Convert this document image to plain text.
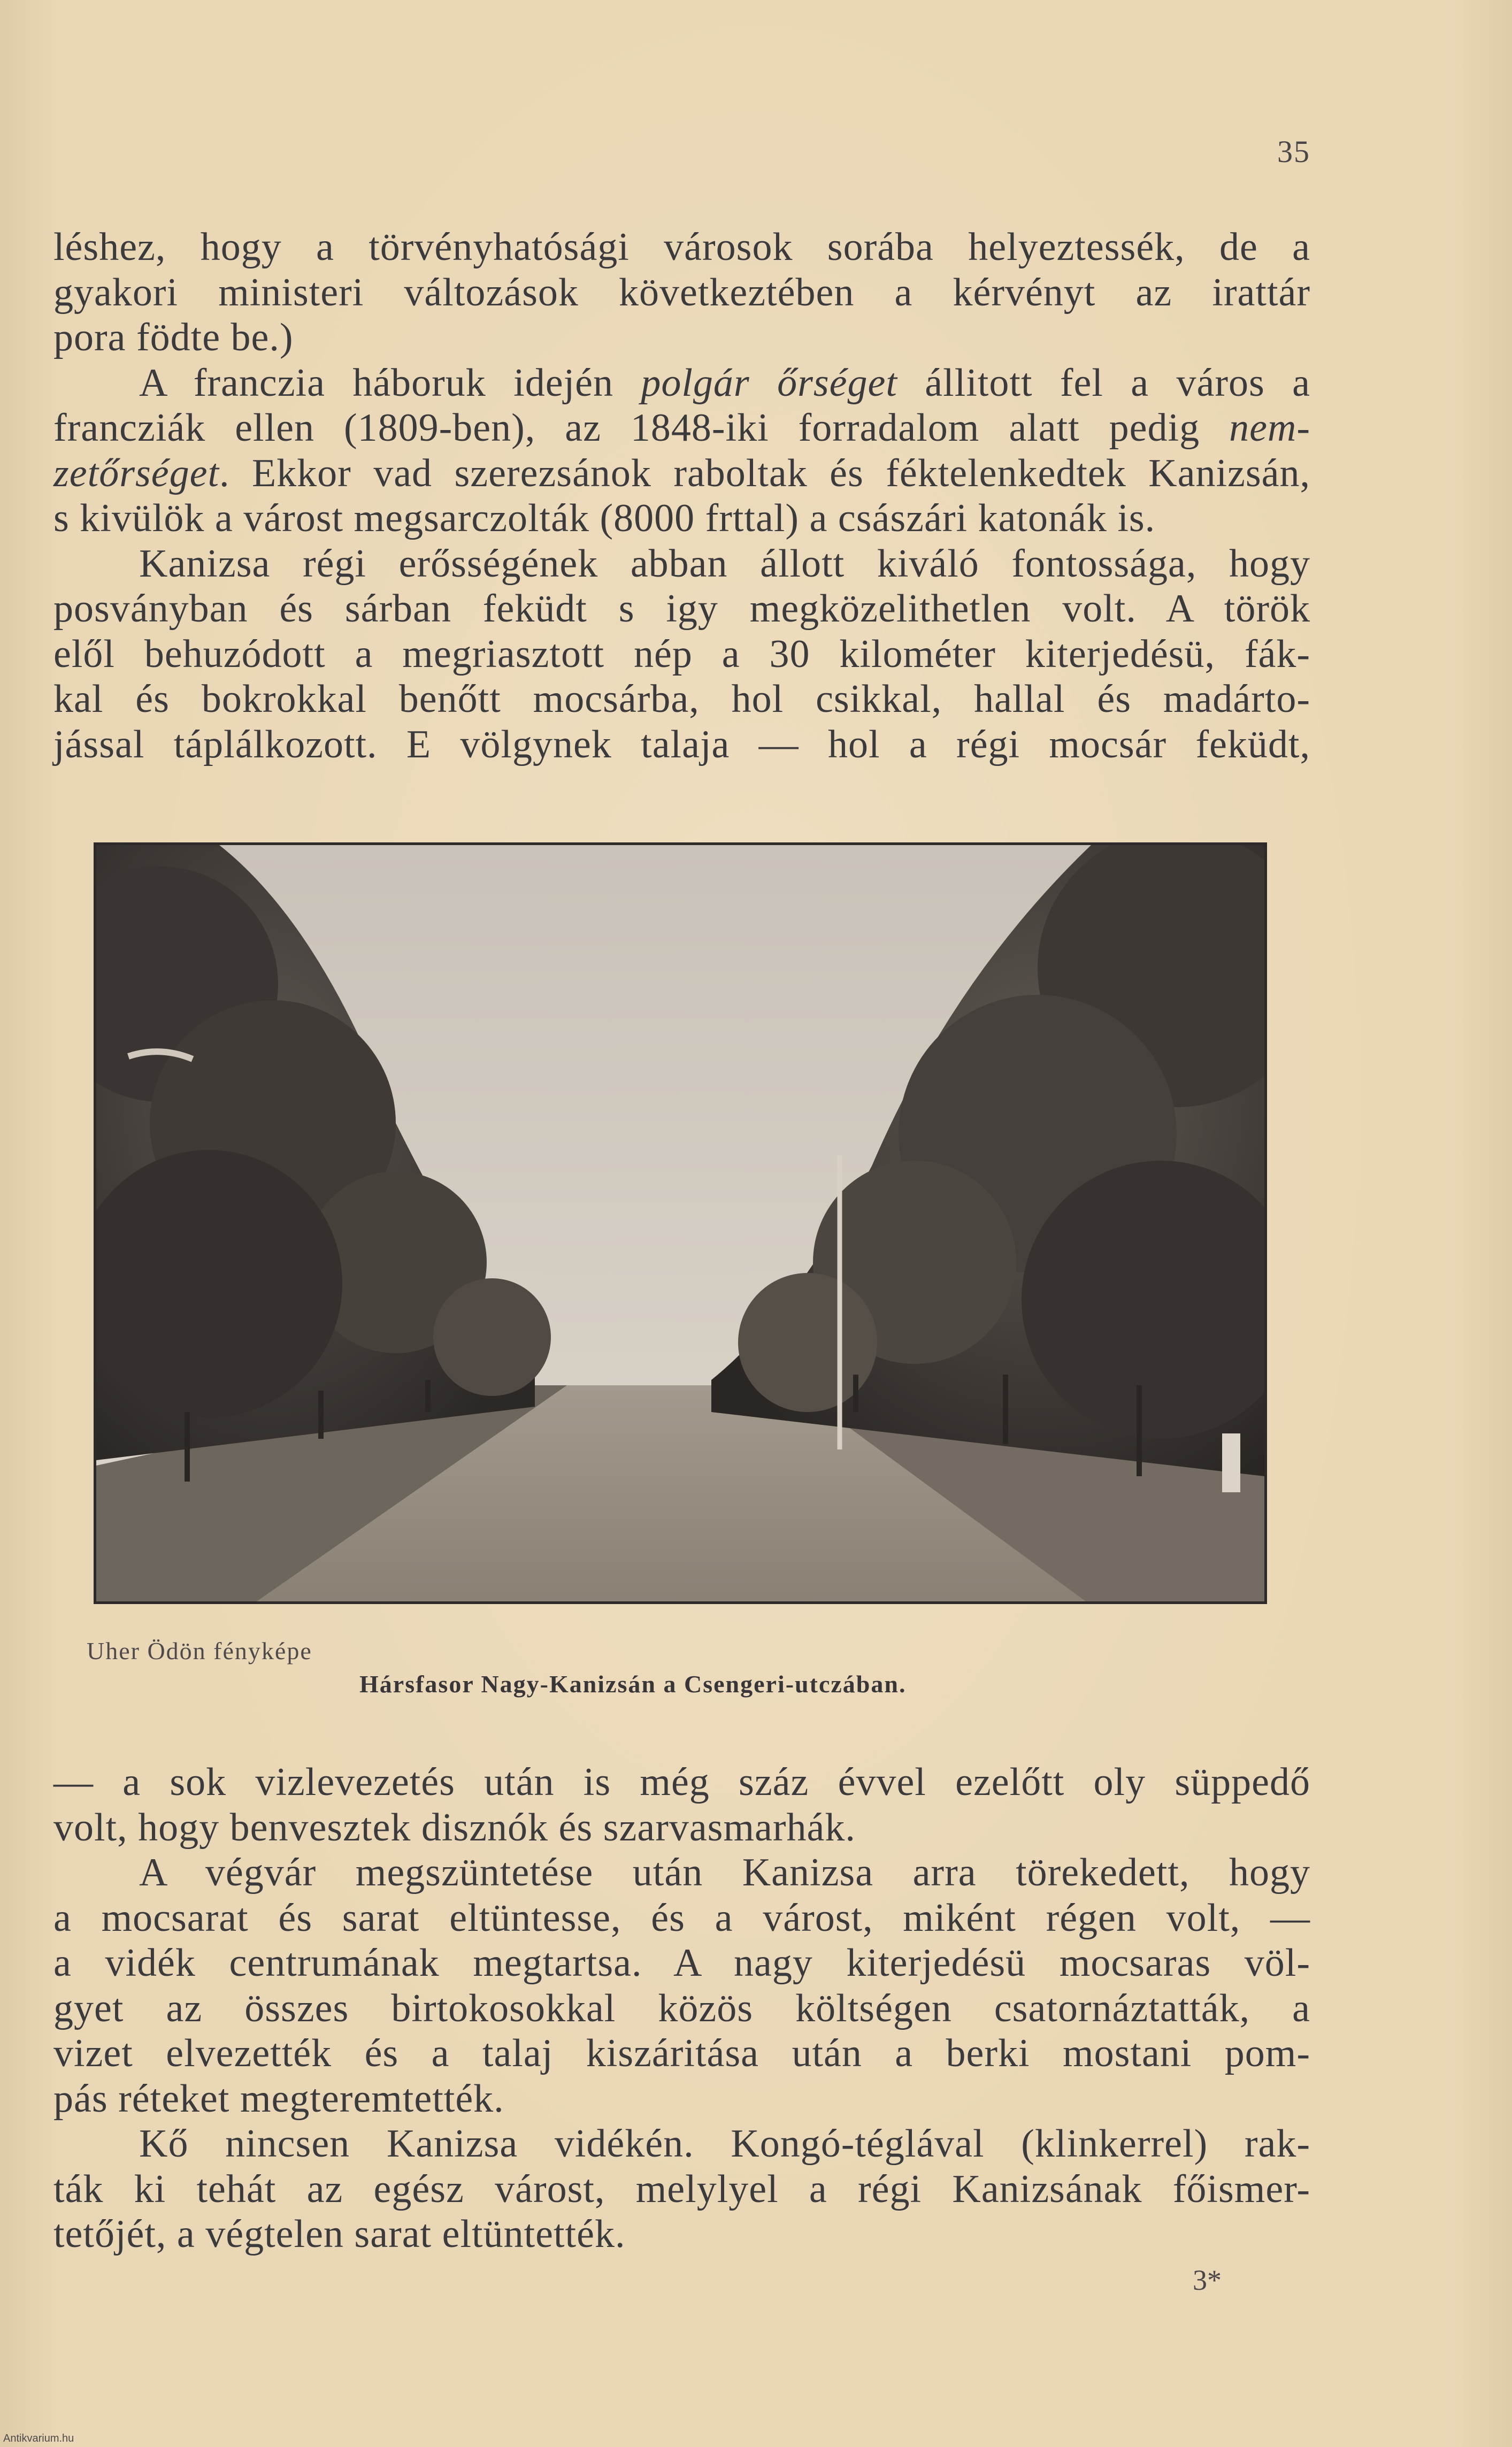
35

léshez, hogy a törvényhatósági városok sorába helyeztessék, de a
gyakori ministeri változások következtében a kérvényt az irattár

pora födte be.)

A franczia háboruk idején polgár őrséget állitott fel a város a
francziák ellen (1809-ben), az 1848-iki forradalom alatt pedig nem-
zetőrséget. Ekkor vad szerezsánok raboltak és féktelenkedtek Kanizsán,

s kivülök a várost megsarczolták (8000 frttal) a császári katonák is.

Kanizsa régi erősségének abban állott kiváló fontossága, hogy
posványban és sárban feküdt s igy megközelithetlen volt. A török
elől behuzódott a megriasztott nép a 30 kilométer kiterjedésü, fák-
kal és bokrokkal benőtt mocsárba, hol csikkal, hallal és madárto-
jással táplálkozott. E völgynek talaja — hol a régi mocsár feküdt,

Uher Ödön fényképe
Hársfasor Nagy-Kanizsán a Csengeri-utczában.

— a sok vizlevezetés után is még száz évvel ezelőtt oly süppedő

volt, hogy benvesztek disznók és szarvasmarhák.

A végvár megszüntetése után Kanizsa arra törekedett, hogy
a mocsarat és sarat eltüntesse, és a várost, miként régen volt, —
a vidék centrumának megtartsa. A nagy kiterjedésü mocsaras völ-
gyet az összes birtokosokkal közös költségen csatornáztatták, a
vizet elvezették és a talaj kiszáritása után a berki mostani pom-

pás réteket megteremtették.

Kő nincsen Kanizsa vidékén. Kongó-téglával (klinkerrel) rak-
ták ki tehát az egész várost, melylyel a régi Kanizsának főismer-

tetőjét, a végtelen sarat eltüntették.

3*
Antikvarium.hu
